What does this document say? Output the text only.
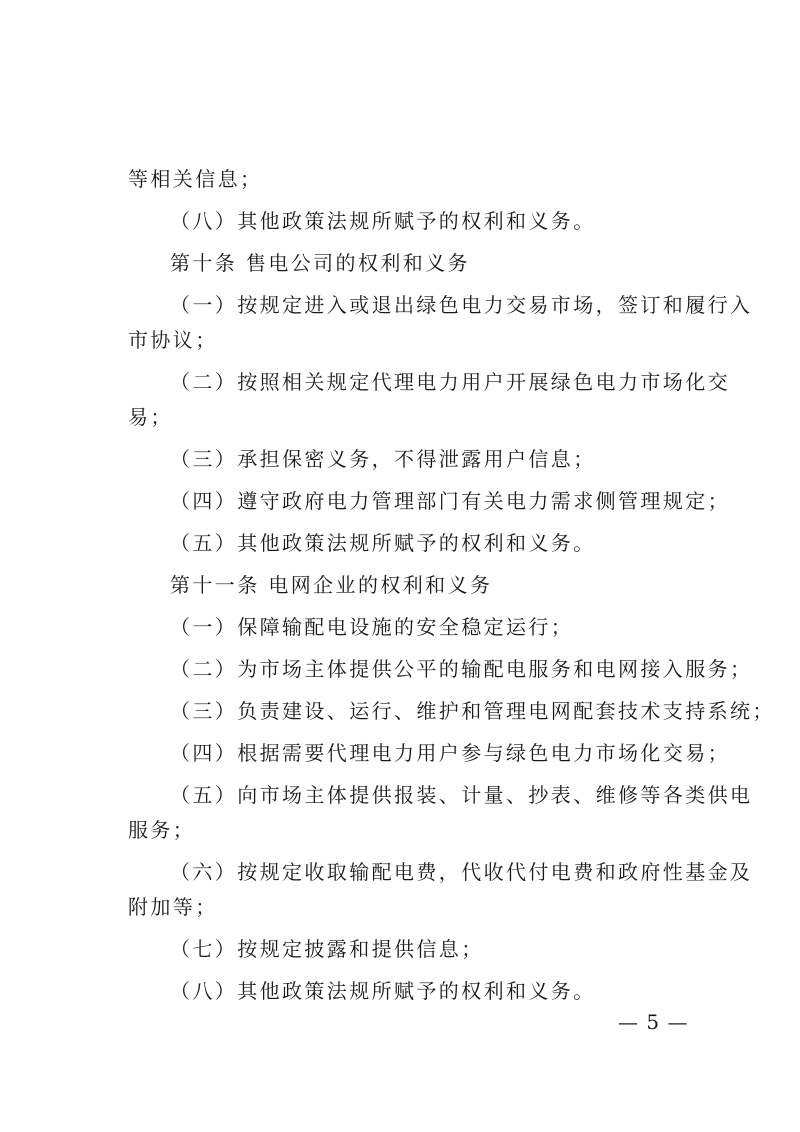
等相关信息；

（八）其他政策法规所赋予的权利和义务。

第十条 售电公司的权利和义务

（一）按规定进入或退出绿色电力交易市场，签订和履行入

市协议；

（二）按照相关规定代理电力用户开展绿色电力市场化交

易；

（三）承担保密义务，不得泄露用户信息；

（四）遵守政府电力管理部门有关电力需求侧管理规定；

（五）其他政策法规所赋予的权利和义务。

第十一条 电网企业的权利和义务

（一）保障输配电设施的安全稳定运行；

（二）为市场主体提供公平的输配电服务和电网接入服务；

（三）负责建设、运行、维护和管理电网配套技术支持系统；

（四）根据需要代理电力用户参与绿色电力市场化交易；

（五）向市场主体提供报装、计量、抄表、维修等各类供电

服务；

（六）按规定收取输配电费，代收代付电费和政府性基金及

附加等；

（七）按规定披露和提供信息；

（八）其他政策法规所赋予的权利和义务。

— 5 —
